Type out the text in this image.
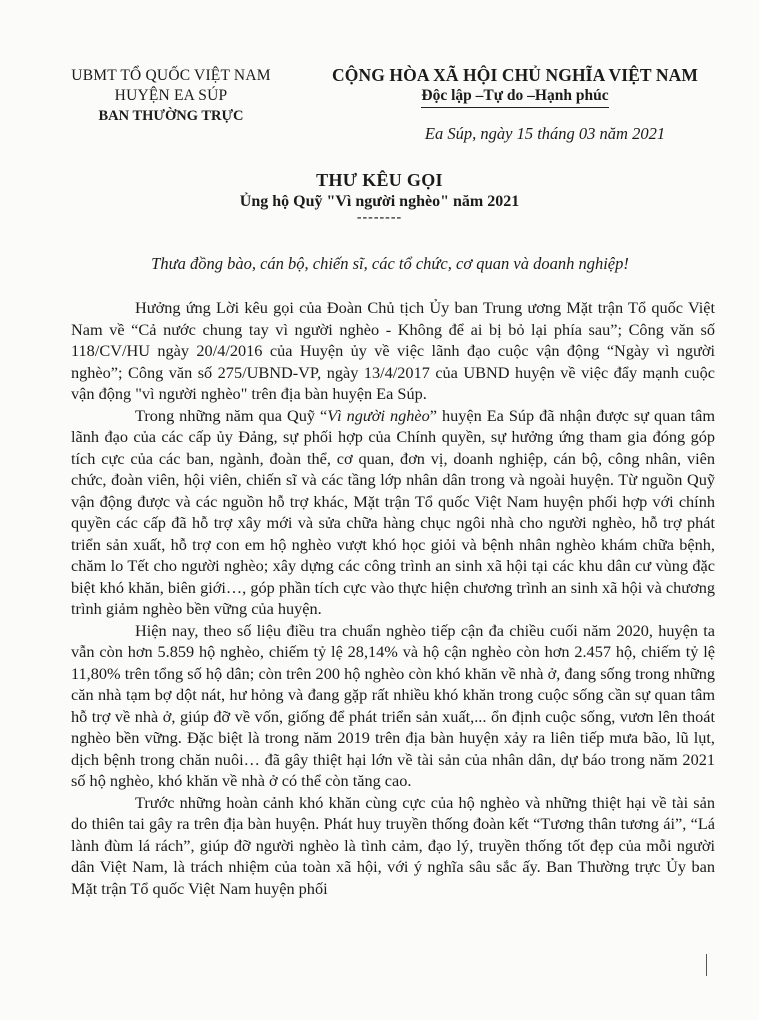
UBMT TỔ QUỐC VIỆT NAM
HUYỆN EA SÚP
BAN THƯỜNG TRỰC
CỘNG HÒA XÃ HỘI CHỦ NGHĨA VIỆT NAM
Độc lập –Tự do –Hạnh phúc
Ea Súp, ngày 15 tháng 03 năm 2021
THƯ KÊU GỌI
Ủng hộ Quỹ "Vì người nghèo" năm 2021
--------
Thưa đồng bào, cán bộ, chiến sĩ, các tổ chức, cơ quan và doanh nghiệp!

Hưởng ứng Lời kêu gọi của Đoàn Chủ tịch Ủy ban Trung ương Mặt trận Tổ quốc Việt Nam về “Cả nước chung tay vì người nghèo - Không để ai bị bỏ lại phía sau”; Công văn số 118/CV/HU ngày 20/4/2016 của Huyện ủy về việc lãnh đạo cuộc vận động “Ngày vì người nghèo”; Công văn số 275/UBND-VP, ngày 13/4/2017 của UBND huyện về việc đẩy mạnh cuộc vận động "vì người nghèo" trên địa bàn huyện Ea Súp.

Trong những năm qua Quỹ “Vì người nghèo” huyện Ea Súp đã nhận được sự quan tâm lãnh đạo của các cấp ủy Đảng, sự phối hợp của Chính quyền, sự hưởng ứng tham gia đóng góp tích cực của các ban, ngành, đoàn thể, cơ quan, đơn vị, doanh nghiệp, cán bộ, công nhân, viên chức, đoàn viên, hội viên, chiến sĩ và các tầng lớp nhân dân trong và ngoài huyện. Từ nguồn Quỹ vận động được và các nguồn hỗ trợ khác, Mặt trận Tổ quốc Việt Nam huyện phối hợp với chính quyền các cấp đã hỗ trợ xây mới và sửa chữa hàng chục ngôi nhà cho người nghèo, hỗ trợ phát triển sản xuất, hỗ trợ con em hộ nghèo vượt khó học giỏi và bệnh nhân nghèo khám chữa bệnh, chăm lo Tết cho người nghèo; xây dựng các công trình an sinh xã hội tại các khu dân cư vùng đặc biệt khó khăn, biên giới…, góp phần tích cực vào thực hiện chương trình an sinh xã hội và chương trình giảm nghèo bền vững của huyện.

Hiện nay, theo số liệu điều tra chuẩn nghèo tiếp cận đa chiều cuối năm 2020, huyện ta vẫn còn hơn 5.859 hộ nghèo, chiếm tỷ lệ 28,14% và hộ cận nghèo còn hơn 2.457 hộ, chiếm tỷ lệ 11,80% trên tổng số hộ dân; còn trên 200 hộ nghèo còn khó khăn về nhà ở, đang sống trong những căn nhà tạm bợ dột nát, hư hỏng và đang gặp rất nhiều khó khăn trong cuộc sống cần sự quan tâm hỗ trợ về nhà ở, giúp đỡ về vốn, giống để phát triển sản xuất,... ổn định cuộc sống, vươn lên thoát nghèo bền vững. Đặc biệt là trong năm 2019 trên địa bàn huyện xảy ra liên tiếp mưa bão, lũ lụt, dịch bệnh trong chăn nuôi… đã gây thiệt hại lớn về tài sản của nhân dân, dự báo trong năm 2021 số hộ nghèo, khó khăn về nhà ở có thể còn tăng cao.

Trước những hoàn cảnh khó khăn cùng cực của hộ nghèo và những thiệt hại về tài sản do thiên tai gây ra trên địa bàn huyện. Phát huy truyền thống đoàn kết “Tương thân tương ái”, “Lá lành đùm lá rách”, giúp đỡ người nghèo là tình cảm, đạo lý, truyền thống tốt đẹp của mỗi người dân Việt Nam, là trách nhiệm của toàn xã hội, với ý nghĩa sâu sắc ấy. Ban Thường trực Ủy ban Mặt trận Tổ quốc Việt Nam huyện phối
